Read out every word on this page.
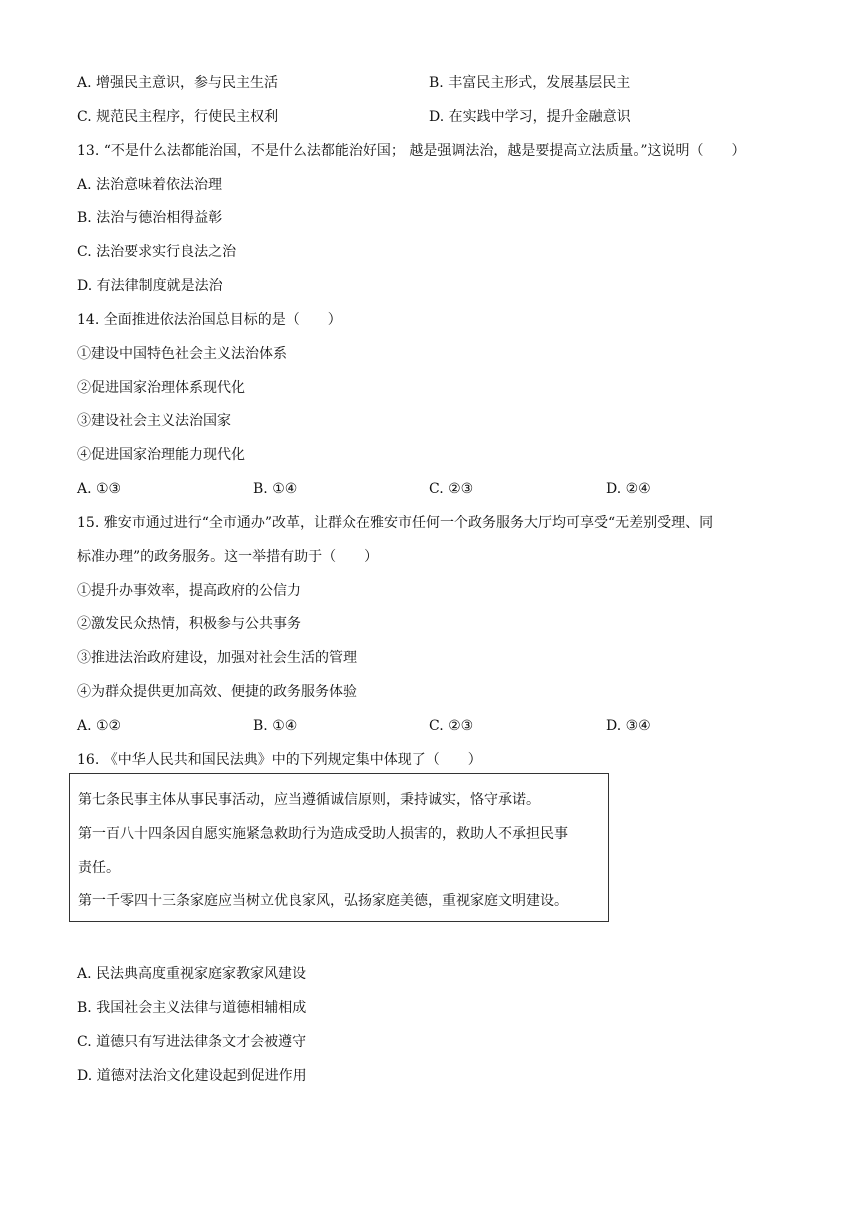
A. 增强民主意识，参与民主生活	B. 丰富民主形式，发展基层民主
C. 规范民主程序，行使民主权利	D. 在实践中学习，提升金融意识
13. “不是什么法都能治国，不是什么法都能治好国； 越是强调法治，越是要提高立法质量。”这说明（　　）
A. 法治意味着依法治理
B. 法治与德治相得益彰
C. 法治要求实行良法之治
D. 有法律制度就是法治
14. 全面推进依法治国总目标的是（　　）
①建设中国特色社会主义法治体系
②促进国家治理体系现代化
③建设社会主义法治国家
④促进国家治理能力现代化
A. ①③	B. ①④	C. ②③	D. ②④
15. 雅安市通过进行“全市通办”改革，让群众在雅安市任何一个政务服务大厅均可享受“无差别受理、同
标准办理”的政务服务。这一举措有助于（　　）
①提升办事效率，提高政府的公信力
②激发民众热情，积极参与公共事务
③推进法治政府建设，加强对社会生活的管理
④为群众提供更加高效、便捷的政务服务体验
A. ①②	B. ①④	C. ②③	D. ③④
16. 《中华人民共和国民法典》中的下列规定集中体现了（　　）
第七条民事主体从事民事活动，应当遵循诚信原则，秉持诚实，恪守承诺。
第一百八十四条因自愿实施紧急救助行为造成受助人损害的，救助人不承担民事
责任。
第一千零四十三条家庭应当树立优良家风，弘扬家庭美德，重视家庭文明建设。
A. 民法典高度重视家庭家教家风建设
B. 我国社会主义法律与道德相辅相成
C. 道德只有写进法律条文才会被遵守
D. 道德对法治文化建设起到促进作用
